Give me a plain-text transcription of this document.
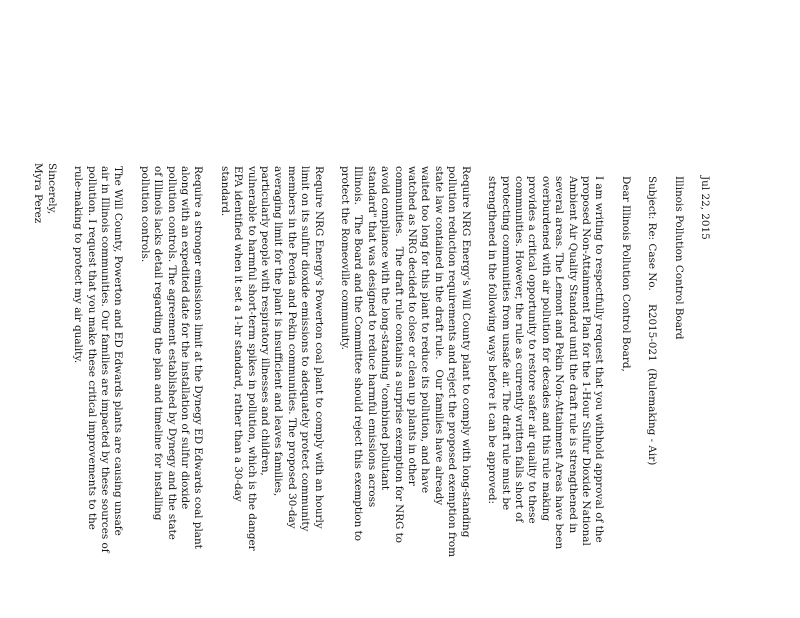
Jul 22, 2015
Illinois Pollution Control Board
Subject: Re: Case No.    R2015-021  (Rulemaking - Air)
Dear Illinois Pollution Control Board,
I am writing to respectfully request that you withhold approval of the
proposed Non-Attainment Plan for the 1-Hour Sulfur Dioxide National
Ambient Air Quality Standard until the draft rule is strengthened in
several areas. The Lemont and Pekin Non-Attainment Areas have been
overburdened with air pollution for decades and this rule making
provides a critical opportunity to restore safer air quality to these
communities. However, the rule as currently written falls short of
protecting communities from unsafe air. The draft rule must be
strengthened in the following ways before it can be approved:
Require NRG Energy's Will County plant to comply with long-standing
pollution reduction requirements and reject the proposed exemption from
state law contained in the draft rule.   Our families have already
waited too long for this plant to reduce its pollution, and have
watched as NRG decided to close or clean up plants in other
communities.   The draft rule contains a surprise exemption for NRG to
avoid compliance with the long-standing "combined pollutant
standard" that was designed to reduce harmful emissions across
Illinois.   The Board and the Committee should reject this exemption to
protect the Romeoville community.
Require NRG Energy's Powerton coal plant to comply with an hourly
limit on its sulfur dioxide emissions to adequately protect community
members in the Peoria and Pekin communities. The proposed 30-day
averaging limit for the plant is insufficient and leaves families,
particularly people with respiratory illnesses and children,
vulnerable to harmful short-term spikes in pollution, which is the danger
EPA identified when it set a 1-hr standard, rather than a 30-day
standard.
Require a stronger emissions limit at the Dynegy ED Edwards coal plant
along with an expedited date for the installation of sulfur dioxide
pollution controls. The agreement established by Dynegy and the state
of Illinois lacks detail regarding the plan and timeline for installing
pollution controls.
The Will County, Powerton and ED Edwards plants are causing unsafe
air in Illinois communities. Our families are impacted by these sources of
pollution. I request that you make these critical improvements to the
rule-making to protect my air quality.
Sincerely,
Myra Perez
